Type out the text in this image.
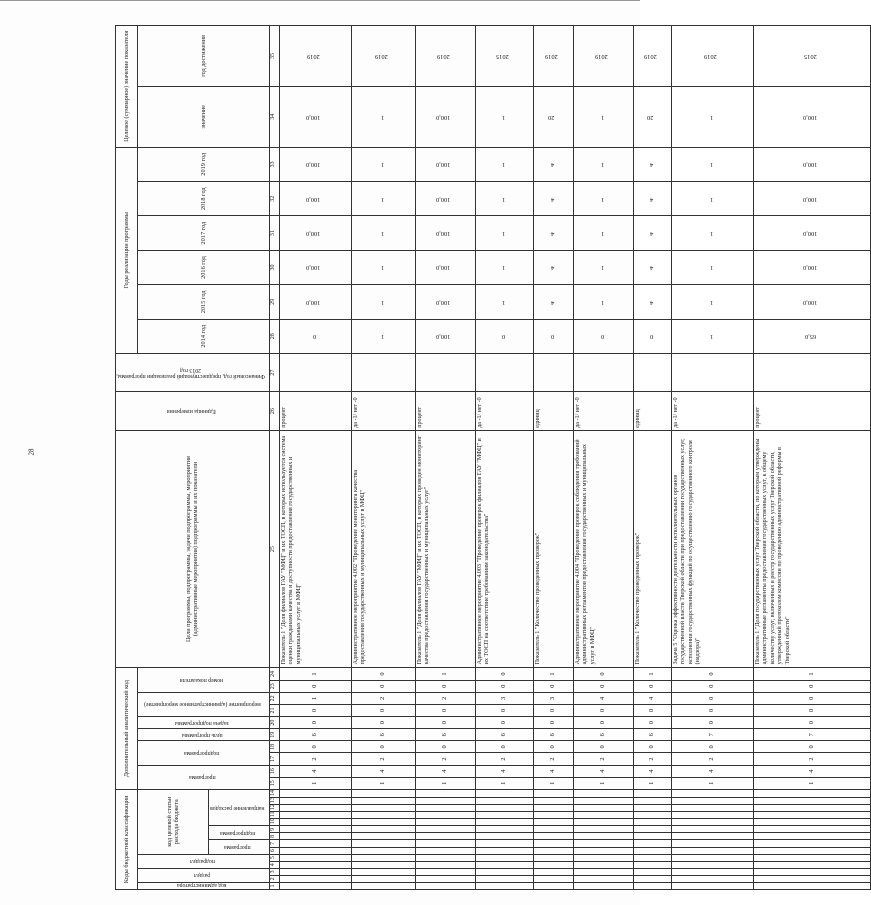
28
Коды бюджетной классификации														Дополнительный аналитический код										Цели программы, подпрограммы, задачи подпрограммы, мероприятия (административные мероприятия) подпрограммы и их показатели	Единица измерения	Финансовый год, предшествующий реализации программы, 2013 год	Годы реализации программы						Целевое (суммарное) значение показателя	
код администратора	раздел		подраздел		код целевой статьи расхода бюджета									программа		подпрограмма		цель программы	задача подпрограммы	мероприятие (административное мероприятие)		номер показателя					2014 год	2015 год	2016 год	2017 год	2018 год	2019 год	значение	год достижения
					программа		подпрограмма		направление расходов																									
1	2	3	4	5	6	7	8	9	10	11	12	13	14	15	16	17	18	19	20	21	22	23	24	25	26	27	28	29	30	31	32	33	34	35
														1	4	2	0	6	0	0	1	0	1	Показатель 1 "Доля филиалов ГАУ "МФЦ" и их ТОСП, в которых используется система оценки гражданами качества и доступности предоставления государственных и муниципальных услуг в МФЦ"	процент		0	100,0	100,0	100,0	100,0	100,0	100,0	2019
														1	4	2	0	6	0	0	2	0	0	Административное мероприятие 4.002 "Проведение мониторинга качества предоставления государственных и муниципальных услуг в МФЦ"	да -1/ нет -0		1	1	1	1	1	1	1	2019
														1	4	2	0	6	0	0	2	0	1	Показатель 1 "Доля филиалов ГАУ "МФЦ" и их ТОСП, в которых проведен мониторинг качества предоставления государственных и муниципальных услуг"	процент		100,0	100,0	100,0	100,0	100,0	100,0	100,0	2019
														1	4	2	0	6	0	0	3	0	0	Административное мероприятие 4.003 "Проведение проверок филиалов ГАУ "МФЦ" и их ТОСП на соответствие требованиям законодательства"	да -1/ нет -0		0	1	1	1	1	1	1	2015
														1	4	2	0	6	0	0	3	0	1	Показатель 1 "Количество проведенных проверок"	единиц		0	4	4	4	4	4	20	2019
														1	4	2	0	6	0	0	4	0	0	Административное мероприятие 4.004 "Проведение проверок соблюдения требований административных регламентов предоставления государственных и муниципальных услуг в МФЦ"	да -1/ нет -0		0	1	1	1	1	1	1	2019
														1	4	2	0	6	0	0	4	0	1	Показатель 1 "Количество проведенных проверок"	единиц		0	4	4	4	4	4	20	2019
														1	4	2	0	7	0	0	0	0	0	Задача 5 "Оценка эффективности деятельности исполнительных органов государственной власти Тверской области при предоставлении государственных услуг, исполнении государственных функций по осуществлению государственного контроля (надзора)"	да -1/ нет -0		1	1	1	1	1	1	1	2019
														1	4	2	0	7	0	0	0	0	1	Показатель 1 "Доля государственных услуг Тверской области, по которым утверждены административные регламенты предоставления государственных услуг, к общему количеству услуг, включенных в реестр государственных услуг Тверской области, утвержденный протоколом комиссии по проведению административной реформы в Тверской области"	процент		65,0	100,0	100,0	100,0	100,0	100,0	100,0	2015
